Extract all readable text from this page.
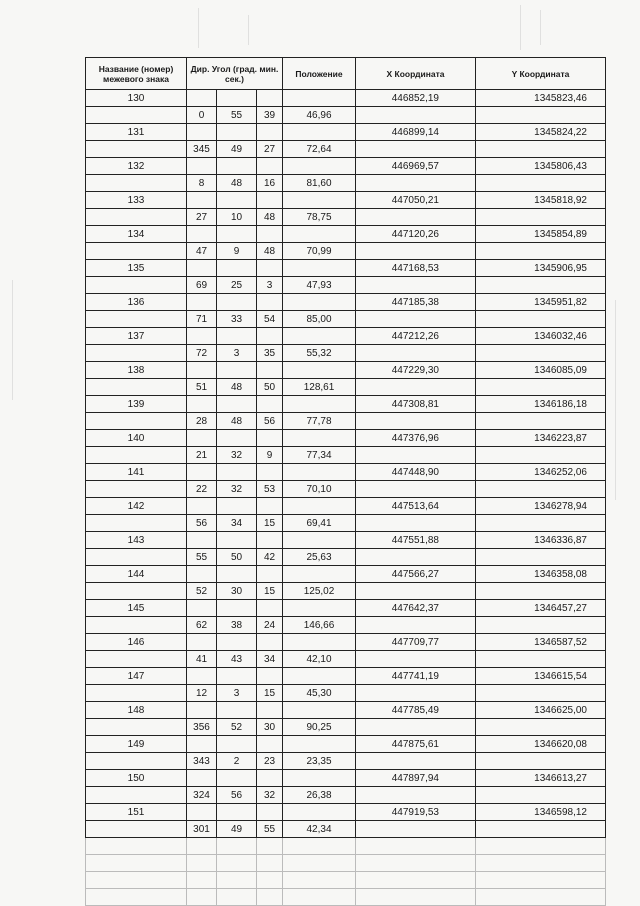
Название (номер) межевого знака	Дир. Угол (град. мин. сек.)			Положение	X Координата	Y Координата
130					446852,19	1345823,46
	0	55	39	46,96		
131					446899,14	1345824,22
	345	49	27	72,64		
132					446969,57	1345806,43
	8	48	16	81,60		
133					447050,21	1345818,92
	27	10	48	78,75		
134					447120,26	1345854,89
	47	9	48	70,99		
135					447168,53	1345906,95
	69	25	3	47,93		
136					447185,38	1345951,82
	71	33	54	85,00		
137					447212,26	1346032,46
	72	3	35	55,32		
138					447229,30	1346085,09
	51	48	50	128,61		
139					447308,81	1346186,18
	28	48	56	77,78		
140					447376,96	1346223,87
	21	32	9	77,34		
141					447448,90	1346252,06
	22	32	53	70,10		
142					447513,64	1346278,94
	56	34	15	69,41		
143					447551,88	1346336,87
	55	50	42	25,63		
144					447566,27	1346358,08
	52	30	15	125,02		
145					447642,37	1346457,27
	62	38	24	146,66		
146					447709,77	1346587,52
	41	43	34	42,10		
147					447741,19	1346615,54
	12	3	15	45,30		
148					447785,49	1346625,00
	356	52	30	90,25		
149					447875,61	1346620,08
	343	2	23	23,35		
150					447897,94	1346613,27
	324	56	32	26,38		
151					447919,53	1346598,12
	301	49	55	42,34		
